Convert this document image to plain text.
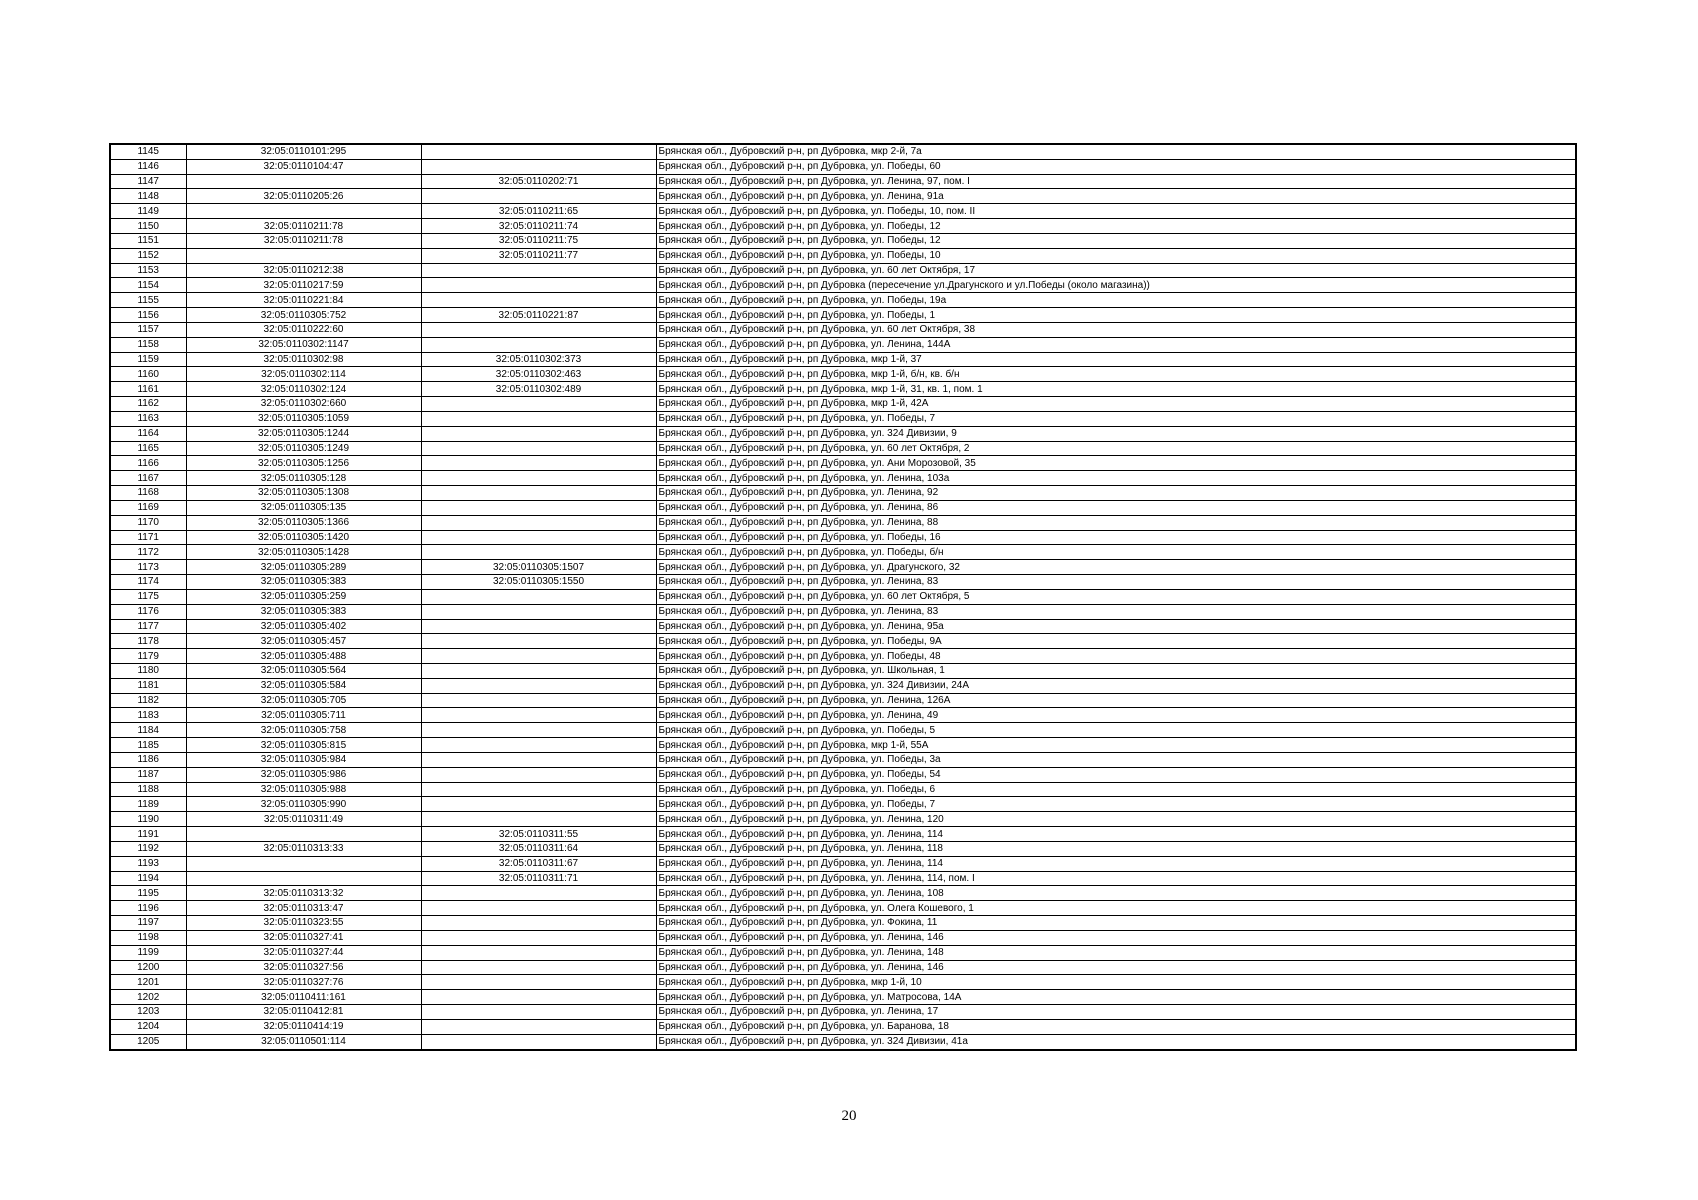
1145	32:05:0110101:295		Брянская обл., Дубровский р-н, рп Дубровка, мкр 2-й, 7а
1146	32:05:0110104:47		Брянская обл., Дубровский р-н, рп Дубровка, ул. Победы, 60
1147		32:05:0110202:71	Брянская обл., Дубровский р-н, рп Дубровка, ул. Ленина, 97, пом. I
1148	32:05:0110205:26		Брянская обл., Дубровский р-н, рп Дубровка, ул. Ленина, 91а
1149		32:05:0110211:65	Брянская обл., Дубровский р-н, рп Дубровка, ул. Победы, 10, пом. II
1150	32:05:0110211:78	32:05:0110211:74	Брянская обл., Дубровский р-н, рп Дубровка, ул. Победы, 12
1151	32:05:0110211:78	32:05:0110211:75	Брянская обл., Дубровский р-н, рп Дубровка, ул. Победы, 12
1152		32:05:0110211:77	Брянская обл., Дубровский р-н, рп Дубровка, ул. Победы, 10
1153	32:05:0110212:38		Брянская обл., Дубровский р-н, рп Дубровка, ул. 60 лет Октября, 17
1154	32:05:0110217:59		Брянская обл., Дубровский р-н, рп Дубровка (пересечение ул.Драгунского и ул.Победы (около магазина))
1155	32:05:0110221:84		Брянская обл., Дубровский р-н, рп Дубровка, ул. Победы, 19а
1156	32:05:0110305:752	32:05:0110221:87	Брянская обл., Дубровский р-н, рп Дубровка, ул. Победы, 1
1157	32:05:0110222:60		Брянская обл., Дубровский р-н, рп Дубровка, ул. 60 лет Октября, 38
1158	32:05:0110302:1147		Брянская обл., Дубровский р-н, рп Дубровка, ул. Ленина, 144А
1159	32:05:0110302:98	32:05:0110302:373	Брянская обл., Дубровский р-н, рп Дубровка, мкр 1-й, 37
1160	32:05:0110302:114	32:05:0110302:463	Брянская обл., Дубровский р-н, рп Дубровка, мкр 1-й, б/н, кв. б/н
1161	32:05:0110302:124	32:05:0110302:489	Брянская обл., Дубровский р-н, рп Дубровка, мкр 1-й, 31, кв. 1, пом. 1
1162	32:05:0110302:660		Брянская обл., Дубровский р-н, рп Дубровка, мкр 1-й, 42А
1163	32:05:0110305:1059		Брянская обл., Дубровский р-н, рп Дубровка, ул. Победы, 7
1164	32:05:0110305:1244		Брянская обл., Дубровский р-н, рп Дубровка, ул. 324 Дивизии, 9
1165	32:05:0110305:1249		Брянская обл., Дубровский р-н, рп Дубровка, ул. 60 лет Октября, 2
1166	32:05:0110305:1256		Брянская обл., Дубровский р-н, рп Дубровка, ул. Ани Морозовой, 35
1167	32:05:0110305:128		Брянская обл., Дубровский р-н, рп Дубровка, ул. Ленина, 103а
1168	32:05:0110305:1308		Брянская обл., Дубровский р-н, рп Дубровка, ул. Ленина, 92
1169	32:05:0110305:135		Брянская обл., Дубровский р-н, рп Дубровка, ул. Ленина, 86
1170	32:05:0110305:1366		Брянская обл., Дубровский р-н, рп Дубровка, ул. Ленина, 88
1171	32:05:0110305:1420		Брянская обл., Дубровский р-н, рп Дубровка, ул. Победы, 16
1172	32:05:0110305:1428		Брянская обл., Дубровский р-н, рп Дубровка, ул. Победы, б/н
1173	32:05:0110305:289	32:05:0110305:1507	Брянская обл., Дубровский р-н, рп Дубровка, ул. Драгунского, 32
1174	32:05:0110305:383	32:05:0110305:1550	Брянская обл., Дубровский р-н, рп Дубровка, ул. Ленина, 83
1175	32:05:0110305:259		Брянская обл., Дубровский р-н, рп Дубровка, ул. 60 лет Октября, 5
1176	32:05:0110305:383		Брянская обл., Дубровский р-н, рп Дубровка, ул. Ленина, 83
1177	32:05:0110305:402		Брянская обл., Дубровский р-н, рп Дубровка, ул. Ленина, 95а
1178	32:05:0110305:457		Брянская обл., Дубровский р-н, рп Дубровка, ул. Победы, 9А
1179	32:05:0110305:488		Брянская обл., Дубровский р-н, рп Дубровка, ул. Победы, 48
1180	32:05:0110305:564		Брянская обл., Дубровский р-н, рп Дубровка, ул. Школьная, 1
1181	32:05:0110305:584		Брянская обл., Дубровский р-н, рп Дубровка, ул. 324 Дивизии, 24А
1182	32:05:0110305:705		Брянская обл., Дубровский р-н, рп Дубровка, ул. Ленина, 126А
1183	32:05:0110305:711		Брянская обл., Дубровский р-н, рп Дубровка, ул. Ленина, 49
1184	32:05:0110305:758		Брянская обл., Дубровский р-н, рп Дубровка, ул. Победы, 5
1185	32:05:0110305:815		Брянская обл., Дубровский р-н, рп Дубровка, мкр 1-й, 55А
1186	32:05:0110305:984		Брянская обл., Дубровский р-н, рп Дубровка, ул. Победы, 3а
1187	32:05:0110305:986		Брянская обл., Дубровский р-н, рп Дубровка, ул. Победы, 54
1188	32:05:0110305:988		Брянская обл., Дубровский р-н, рп Дубровка, ул. Победы, 6
1189	32:05:0110305:990		Брянская обл., Дубровский р-н, рп Дубровка, ул. Победы, 7
1190	32:05:0110311:49		Брянская обл., Дубровский р-н, рп Дубровка, ул. Ленина, 120
1191		32:05:0110311:55	Брянская обл., Дубровский р-н, рп Дубровка, ул. Ленина, 114
1192	32:05:0110313:33	32:05:0110311:64	Брянская обл., Дубровский р-н, рп Дубровка, ул. Ленина, 118
1193		32:05:0110311:67	Брянская обл., Дубровский р-н, рп Дубровка, ул. Ленина, 114
1194		32:05:0110311:71	Брянская обл., Дубровский р-н, рп Дубровка, ул. Ленина, 114, пом. I
1195	32:05:0110313:32		Брянская обл., Дубровский р-н, рп Дубровка, ул. Ленина, 108
1196	32:05:0110313:47		Брянская обл., Дубровский р-н, рп Дубровка, ул. Олега Кошевого, 1
1197	32:05:0110323:55		Брянская обл., Дубровский р-н, рп Дубровка, ул. Фокина, 11
1198	32:05:0110327:41		Брянская обл., Дубровский р-н, рп Дубровка, ул. Ленина, 146
1199	32:05:0110327:44		Брянская обл., Дубровский р-н, рп Дубровка, ул. Ленина, 148
1200	32:05:0110327:56		Брянская обл., Дубровский р-н, рп Дубровка, ул. Ленина, 146
1201	32:05:0110327:76		Брянская обл., Дубровский р-н, рп Дубровка, мкр 1-й, 10
1202	32:05:0110411:161		Брянская обл., Дубровский р-н, рп Дубровка, ул. Матросова, 14А
1203	32:05:0110412:81		Брянская обл., Дубровский р-н, рп Дубровка, ул. Ленина, 17
1204	32:05:0110414:19		Брянская обл., Дубровский р-н, рп Дубровка, ул. Баранова, 18
1205	32:05:0110501:114		Брянская обл., Дубровский р-н, рп Дубровка, ул. 324 Дивизии, 41а
20
